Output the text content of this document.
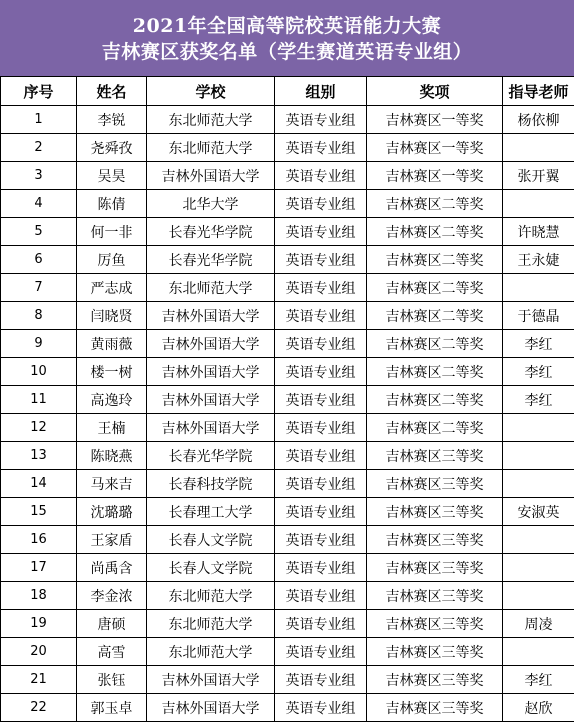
2021年全国高等院校英语能力大赛
吉林赛区获奖名单（学生赛道英语专业组）
序号	姓名	学校	组别	奖项	指导老师
1	李锐	东北师范大学	英语专业组	吉林赛区一等奖	杨依柳
2	尧舜孜	东北师范大学	英语专业组	吉林赛区一等奖	
3	吴昊	吉林外国语大学	英语专业组	吉林赛区一等奖	张开翼
4	陈倩	北华大学	英语专业组	吉林赛区二等奖	
5	何一非	长春光华学院	英语专业组	吉林赛区二等奖	许晓慧
6	厉鱼	长春光华学院	英语专业组	吉林赛区二等奖	王永婕
7	严志成	东北师范大学	英语专业组	吉林赛区二等奖	
8	闫晓贤	吉林外国语大学	英语专业组	吉林赛区二等奖	于德晶
9	黄雨薇	吉林外国语大学	英语专业组	吉林赛区二等奖	李红
10	楼一树	吉林外国语大学	英语专业组	吉林赛区二等奖	李红
11	高逸玲	吉林外国语大学	英语专业组	吉林赛区二等奖	李红
12	王楠	吉林外国语大学	英语专业组	吉林赛区二等奖	
13	陈晓燕	长春光华学院	英语专业组	吉林赛区三等奖	
14	马来吉	长春科技学院	英语专业组	吉林赛区三等奖	
15	沈璐璐	长春理工大学	英语专业组	吉林赛区三等奖	安淑英
16	王家盾	长春人文学院	英语专业组	吉林赛区三等奖	
17	尚禹含	长春人文学院	英语专业组	吉林赛区三等奖	
18	李金浓	东北师范大学	英语专业组	吉林赛区三等奖	
19	唐硕	东北师范大学	英语专业组	吉林赛区三等奖	周凌
20	高雪	东北师范大学	英语专业组	吉林赛区三等奖	
21	张钰	吉林外国语大学	英语专业组	吉林赛区三等奖	李红
22	郭玉卓	吉林外国语大学	英语专业组	吉林赛区三等奖	赵欣
